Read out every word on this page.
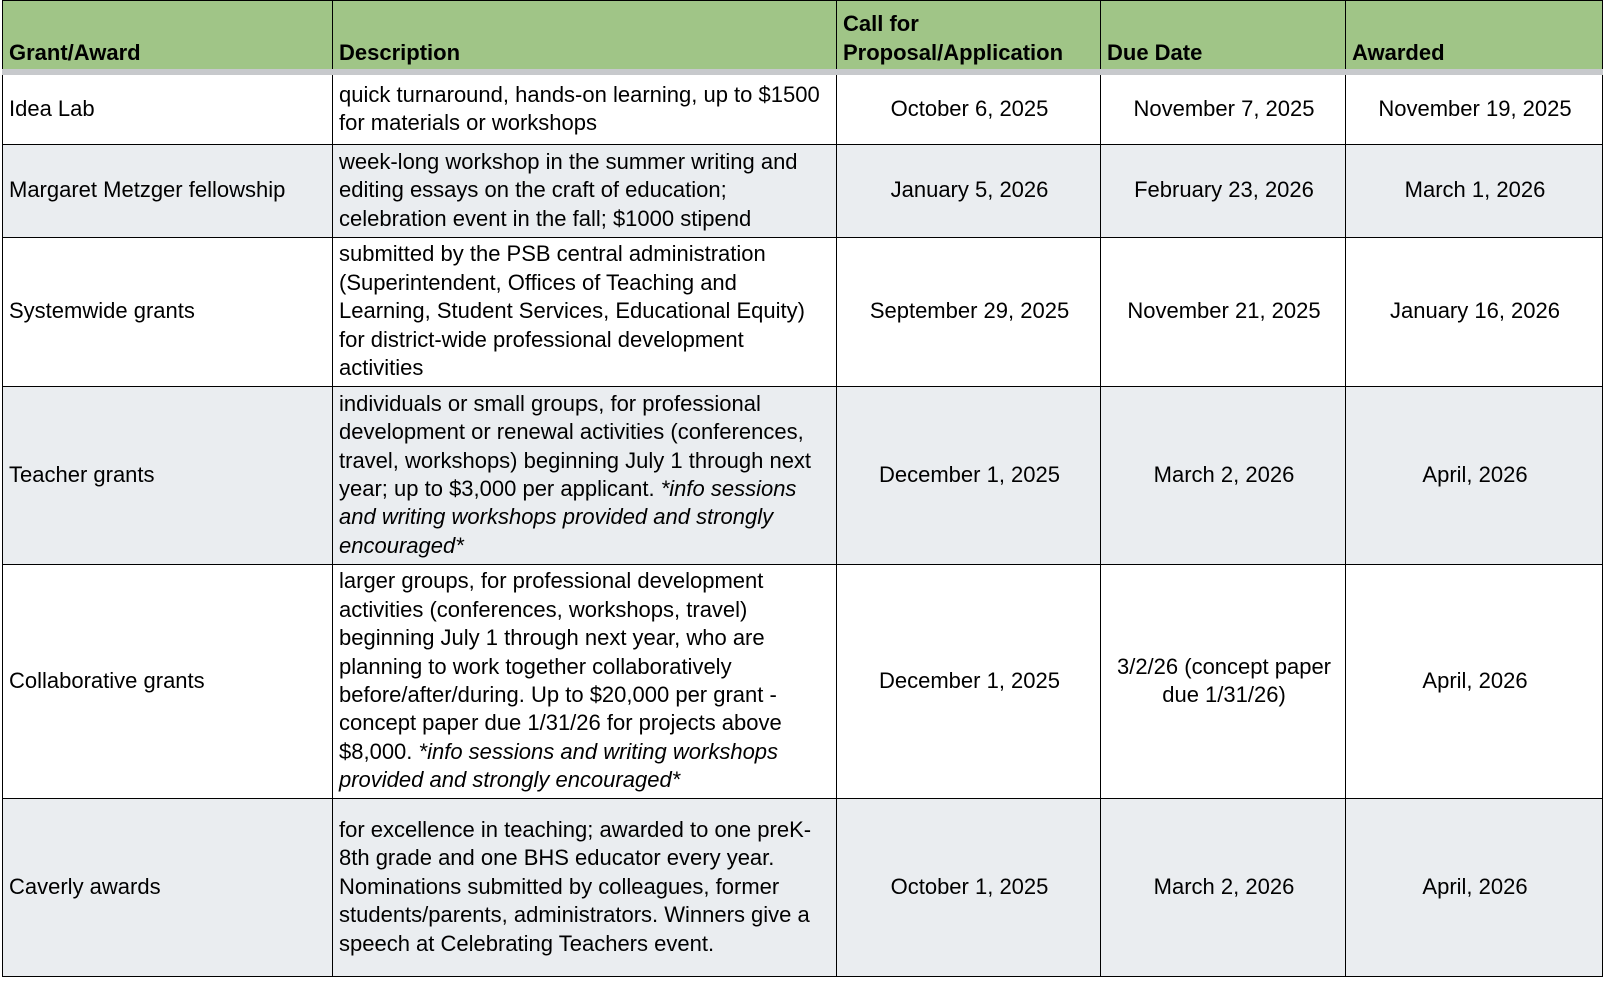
Grant/Award	Description	Call for Proposal/Application	Due Date	Awarded
Idea Lab	quick turnaround, hands-on learning, up to $1500 for materials or workshops	October 6, 2025	November 7, 2025	November 19, 2025
Margaret Metzger fellowship	week-long workshop in the summer writing and editing essays on the craft of education; celebration event in the fall; $1000 stipend	January 5, 2026	February 23, 2026	March 1, 2026
Systemwide grants	submitted by the PSB central administration (Superintendent, Offices of Teaching and Learning, Student Services, Educational Equity) for district-wide professional development activities	September 29, 2025	November 21, 2025	January 16, 2026
Teacher grants	individuals or small groups, for professional development or renewal activities (conferences, travel, workshops) beginning July 1 through next year; up to $3,000 per applicant. *info sessions and writing workshops provided and strongly encouraged*	December 1, 2025	March 2, 2026	April, 2026
Collaborative grants	larger groups, for professional development activities (conferences, workshops, travel) beginning July 1 through next year, who are planning to work together collaboratively before/after/during. Up to $20,000 per grant - concept paper due 1/31/26 for projects above $8,000. *info sessions and writing workshops provided and strongly encouraged*	December 1, 2025	3/2/26 (concept paper due 1/31/26)	April, 2026
Caverly awards	for excellence in teaching; awarded to one preK-8th grade and one BHS educator every year. Nominations submitted by colleagues, former students/parents, administrators. Winners give a speech at Celebrating Teachers event.	October 1, 2025	March 2, 2026	April, 2026
